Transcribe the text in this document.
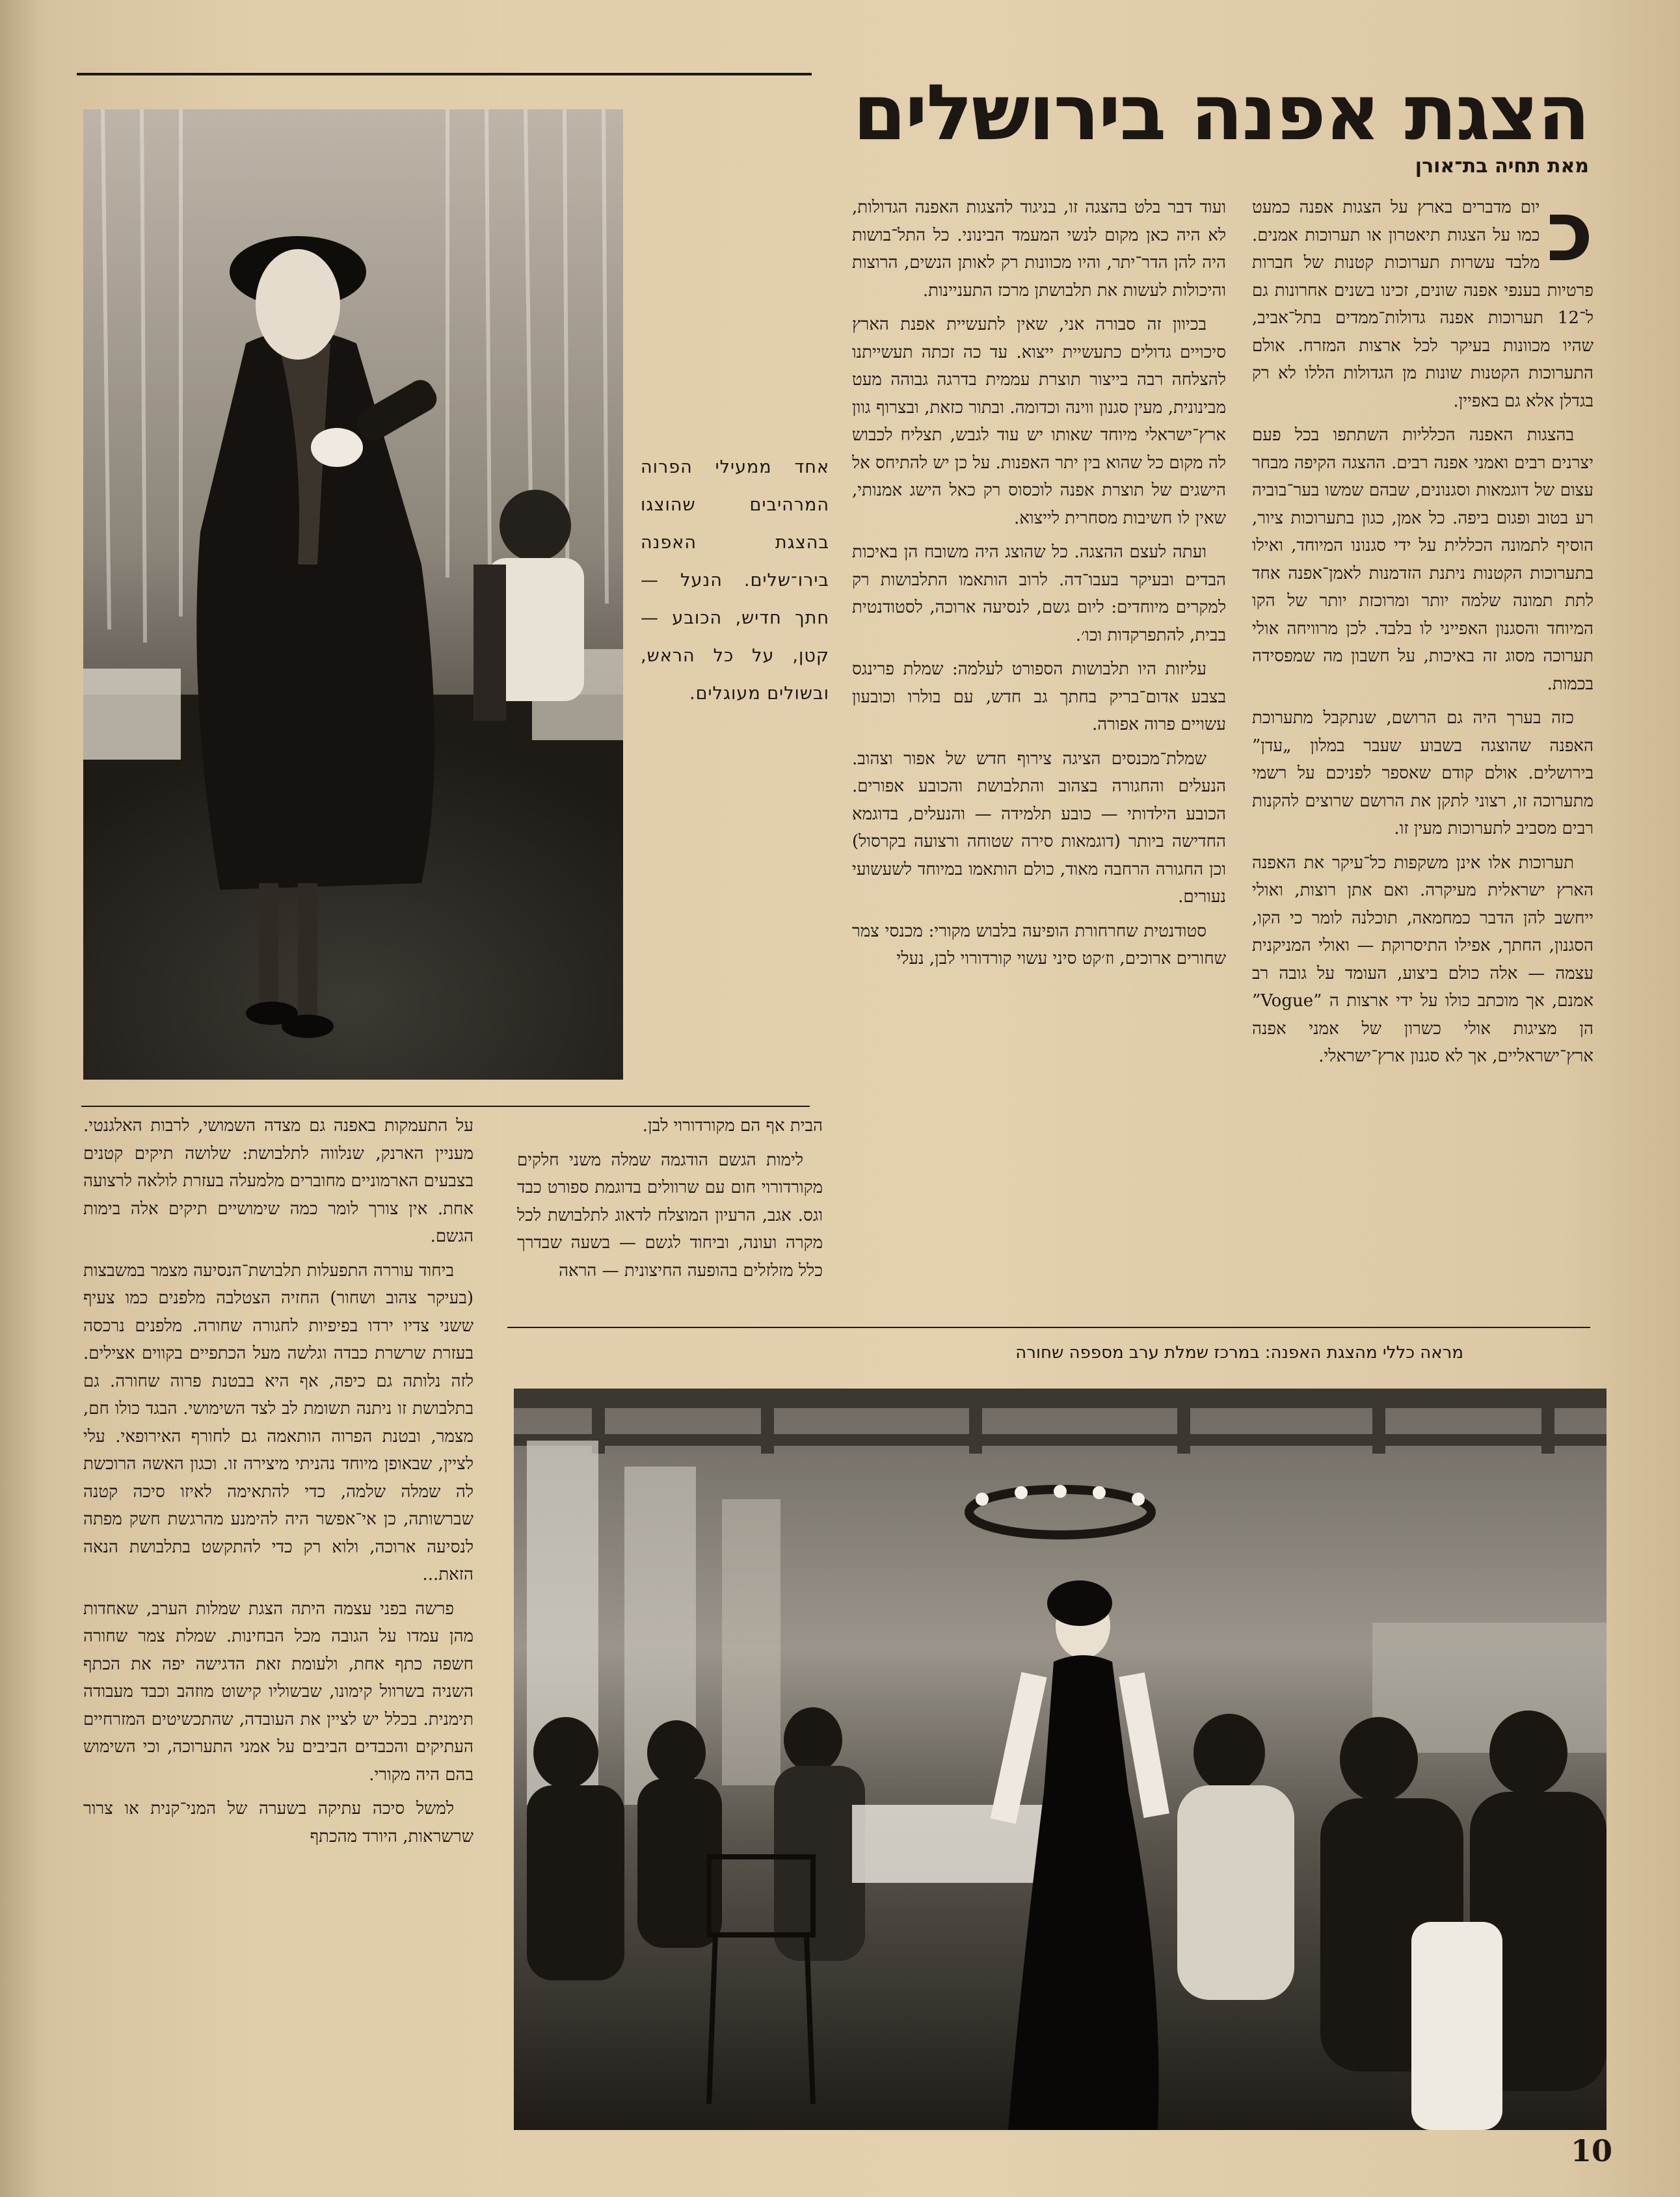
הצגת אפנה בירושלים
מאת תחיה בת־אורן
כ

יום מדברים בארץ על הצגות אפנה כמעט כמו על הצגות תיאטרון או תערוכות אמנים. מלבד עשרות תערוכות קטנות של חברות פרטיות בענפי אפנה שונים, זכינו בשנים אחרונות גם ל־12 תערוכות אפנה גדולות־ממדים בתל־אביב, שהיו מכוונות בעיקר לכל ארצות המזרח. אולם התערוכות הקטנות שונות מן הגדולות הללו לא רק בגדלן אלא גם באפיין.

בהצגות האפנה הכלליות השתתפו בכל פעם יצרנים רבים ואמני אפנה רבים. ההצגה הקיפה מבחר עצום של דוגמאות וסגנונים, שבהם שמשו בער־בוביה רע בטוב ופגום ביפה. כל אמן, כגון בתערוכות ציור, הוסיף לתמונה הכללית על ידי סגנונו המיוחד, ואילו בתערוכות הקטנות ניתנת הזדמנות לאמן־אפנה אחד לתת תמונה שלמה יותר ומרוכזת יותר של הקו המיוחד והסגנון האפייני לו בלבד. לכן מרוויחה אולי תערוכה מסוג זה באיכות, על חשבון מה שמפסידה בכמות.

כזה בערך היה גם הרושם, שנתקבל מתערוכת האפנה שהוצגה בשבוע שעבר במלון „עדן” בירושלים. אולם קודם שאספר לפניכם על רשמי מתערוכה זו, רצוני לתקן את הרושם שרוצים להקנות רבים מסביב לתערוכות מעין זו.

תערוכות אלו אינן משקפות כל־עיקר את האפנה הארץ ישראלית מעיקרה. ואם אתן רוצות, ואולי ייחשב להן הדבר כמחמאה, תוכלנה לומר כי הקו, הסגנון, החתך, אפילו התיסרוקת — ואולי המניקנית עצמה — אלה כולם ביצוע, העומד על גובה רב אמנם, אך מוכתב כולו על ידי ארצות ה ”Vogue” הן מציגות אולי כשרון של אמני אפנה ארץ־ישראליים, אך לא סגנון ארץ־ישראלי.

ועוד דבר בלט בהצגה זו, בניגוד להצגות האפנה הגדולות, לא היה כאן מקום לנשי המעמד הבינוני. כל התל־בושות היה להן הדר־יתר, והיו מכוונות רק לאותן הנשים, הרוצות והיכולות לעשות את תלבושתן מרכז התעניינות.

בכיוון זה סבורה אני, שאין לתעשיית אפנת הארץ סיכויים גדולים כתעשיית ייצוא. עד כה זכתה תעשייתנו להצלחה רבה בייצור תוצרת עממית בדרגה גבוהה מעט מבינונית, מעין סגנון ווינה וכדומה. ובתור כזאת, ובצרוף גוון ארץ־ישראלי מיוחד שאותו יש עוד לגבש, תצליח לכבוש לה מקום כל שהוא בין יתר האפנות. על כן יש להתיחס אל הישגים של תוצרת אפנה לוכסוס רק כאל הישג אמנותי, שאין לו חשיבות מסחרית לייצוא.

ועתה לעצם ההצגה. כל שהוצג היה משובח הן באיכות הבדים ובעיקר בעבו־דה. לרוב הותאמו התלבושות רק למקרים מיוחדים: ליום גשם, לנסיעה ארוכה, לסטודנטית בבית, להתפרקדות וכו׳.

עליזות היו תלבושות הספורט לעלמה: שמלת פרינגס בצבע אדום־בריק בחתך גב חדש, עם בולרו וכובעון עשויים פרוה אפורה.

שמלת־מכנסים הציגה צירוף חדש של אפור וצהוב. הנעלים והחגורה בצהוב והתלבושת והכובע אפורים. הכובע הילדותי — כובע תלמידה — והנעלים, בדוגמא החדישה ביותר (דוגמאות סירה שטוחה ורצועה בקרסול) וכן החגורה הרחבה מאוד, כולם הותאמו במיוחד לשעשועי נעורים.

סטודנטית שחרחורת הופיעה בלבוש מקורי: מכנסי צמר שחורים ארוכים, וז׳קט סיני עשוי קורדורוי לבן, נעלי

אחד ממעילי הפרוה המרהיבים שהוצגו בהצגת האפנה בירו־שלים. הנעל — חתך חדיש, הכובע — קטן, על כל הראש, ובשולים מעוגלים.

הבית אף הם מקורדורוי לבן.

לימות הגשם הודגמה שמלה משני חלקים מקורדורוי חום עם שרוולים בדוגמת ספורט כבד וגס. אגב, הרעיון המוצלח לדאוג לתלבושת לכל מקרה ועונה, וביחוד לגשם — בשעה שבדרך כלל מזלזלים בהופעה החיצונית — הראה

על התעמקות באפנה גם מצדה השמושי, לרבות האלגנטי. מעניין הארנק, שנלווה לתלבושת: שלושה תיקים קטנים בצבעים הארמוניים מחוברים מלמעלה בעזרת לולאה לרצועה אחת. אין צורך לומר כמה שימושיים תיקים אלה בימות הגשם.

ביחוד עוררה התפעלות תלבושת־הנסיעה מצמר במשבצות (בעיקר צהוב ושחור) החזיה הצטלבה מלפנים כמו צעיף ששני צדיו ירדו בפיפיות לחגורה שחורה. מלפנים נרכסה בעזרת שרשרת כבדה וגלשה מעל הכתפיים בקווים אצילים. לזה נלותה גם כיפה, אף היא בבטנת פרוה שחורה. גם בתלבושת זו ניתנה תשומת לב לצד השימושי. הבגד כולו חם, מצמר, ובטנת הפרוה הותאמה גם לחורף האירופאי. עלי לציין, שבאופן מיוחד נהניתי מיצירה זו. וכגון האשה הרוכשת לה שמלה שלמה, כדי להתאימה לאיזו סיכה קטנה שברשותה, כן אי־אפשר היה להימנע מהרגשת חשק מפתה לנסיעה ארוכה, ולוא רק כדי להתקשט בתלבושת הנאה הזאת...

פרשה בפני עצמה היתה הצגת שמלות הערב, שאחדות מהן עמדו על הגובה מכל הבחינות. שמלת צמר שחורה חשפה כתף אחת, ולעומת זאת הדגישה יפה את הכתף השניה בשרוול קימונו, שבשוליו קישוט מוזהב וכבד מעבודה תימנית. בכלל יש לציין את העובדה, שהתכשיטים המזרחיים העתיקים והכבדים הביבים על אמני התערוכה, וכי השימוש בהם היה מקורי.

למשל סיכה עתיקה בשערה של המני־קנית או צרור שרשראות, היורד מהכתף

מראה כללי מהצגת האפנה: במרכז שמלת ערב מספפה שחורה
10
